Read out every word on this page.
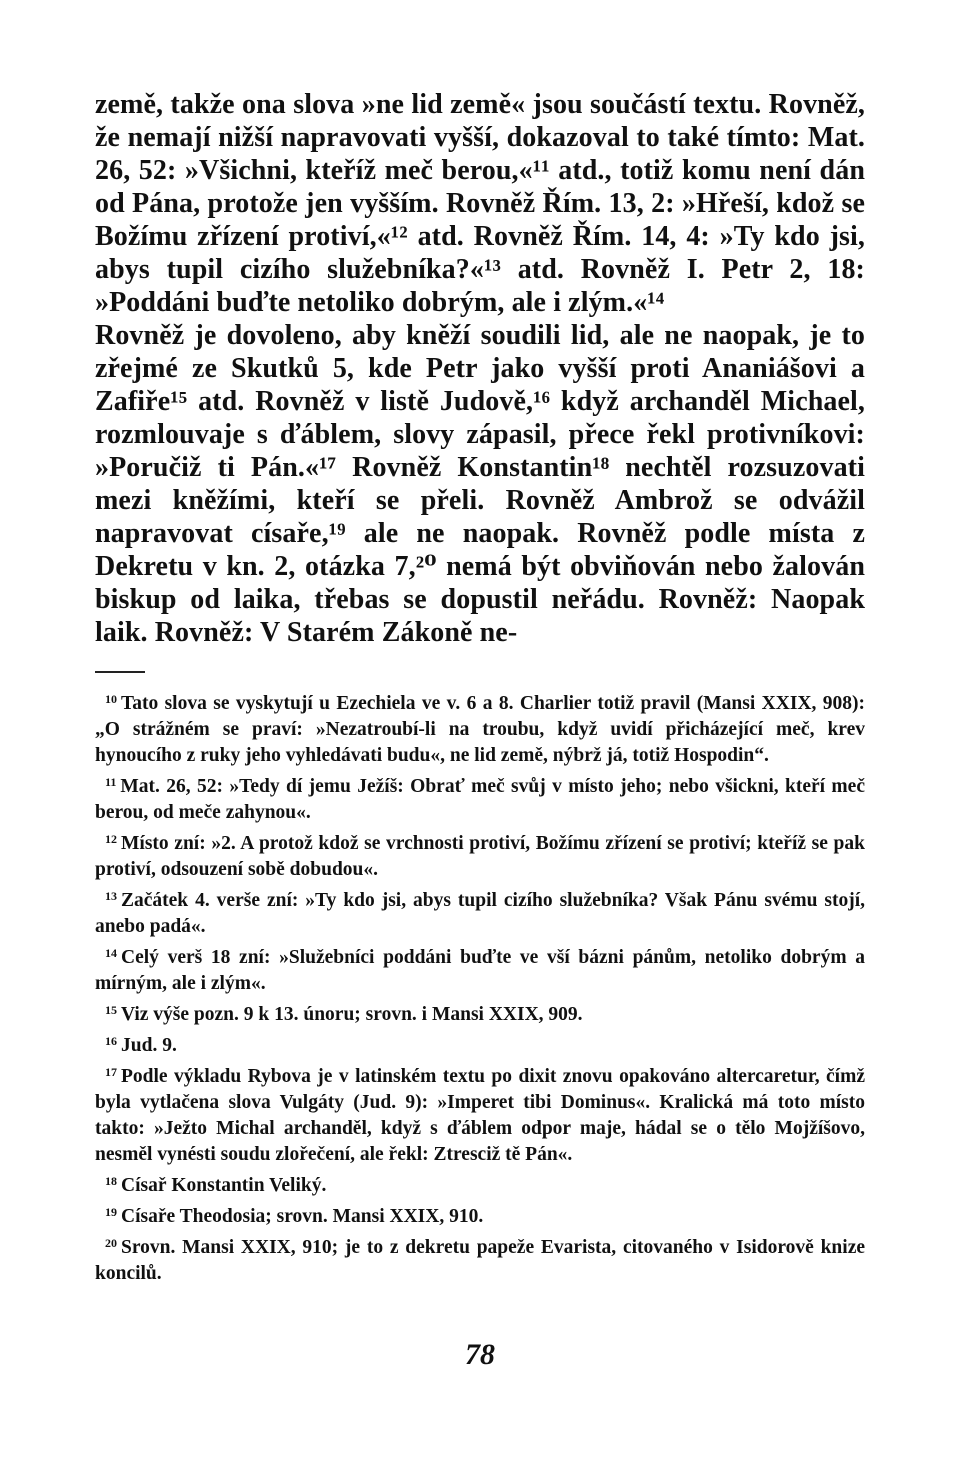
země, takže ona slova »ne lid země« jsou součástí textu. Rovněž, že nemají nižší napravovati vyšší, dokazoval to také tímto: Mat. 26, 52: »Všichni, kteříž meč berou,«¹¹ atd., totiž komu není dán od Pána, protože jen vyšším. Rovněž Řím. 13, 2: »Hřeší, kdož se Božímu zřízení protiví,«¹² atd. Rovněž Řím. 14, 4: »Ty kdo jsi, abys tupil cizího služebníka?«¹³ atd. Rovněž I. Petr 2, 18: »Poddáni buďte netoliko dobrým, ale i zlým.«¹⁴

Rovněž je dovoleno, aby kněží soudili lid, ale ne naopak, je to zřejmé ze Skutků 5, kde Petr jako vyšší proti Ananiášovi a Zafiře¹⁵ atd. Rovněž v listě Judově,¹⁶ když archanděl Michael, rozmlouvaje s ďáblem, slovy zápasil, přece řekl protivníkovi: »Poručiž ti Pán.«¹⁷ Rovněž Konstantin¹⁸ nechtěl rozsuzovati mezi kněžími, kteří se přeli. Rovněž Ambrož se odvážil napravovat císaře,¹⁹ ale ne naopak. Rovněž podle místa z Dekretu v kn. 2, otázka 7,²⁰ nemá být obviňován nebo žalován biskup od laika, třebas se dopustil neřádu. Rovněž: Naopak laik. Rovněž: V Starém Zákoně ne-

$^{10}$ Tato slova se vyskytují u Ezechiela ve v. 6 a 8. Charlier totiž pravil (Mansi XXIX, 908): „O strážném se praví: »Nezatroubí-li na troubu, když uvidí přicházející meč, krev hynoucího z ruky jeho vyhledávati budu«, ne lid země, nýbrž já, totiž Hospodin“.

$^{11}$ Mat. 26, 52: »Tedy dí jemu Ježíš: Obrať meč svůj v místo jeho; nebo všickni, kteří meč berou, od meče zahynou«.

$^{12}$ Místo zní: »2. A protož kdož se vrchnosti protiví, Božímu zřízení se protiví; kteříž se pak protiví, odsouzení sobě dobudou«.

$^{13}$ Začátek 4. verše zní: »Ty kdo jsi, abys tupil cizího služebníka? Však Pánu svému stojí, anebo padá«.

$^{14}$ Celý verš 18 zní: »Služebníci poddáni buďte ve vší bázni pánům, netoliko dobrým a mírným, ale i zlým«.

$^{15}$ Viz výše pozn. 9 k 13. únoru; srovn. i Mansi XXIX, 909.

$^{16}$ Jud. 9.

$^{17}$ Podle výkladu Rybova je v latinském textu po dixit znovu opakováno altercaretur, čímž byla vytlačena slova Vulgáty (Jud. 9): »Imperet tibi Dominus«. Kralická má toto místo takto: »Ježto Michal archanděl, když s ďáblem odpor maje, hádal se o tělo Mojžíšovo, nesměl vynésti soudu zlořečení, ale řekl: Ztresciž tě Pán«.

$^{18}$ Císař Konstantin Veliký.

$^{19}$ Císaře Theodosia; srovn. Mansi XXIX, 910.

$^{20}$ Srovn. Mansi XXIX, 910; je to z dekretu papeže Evarista, citovaného v Isidorově knize koncilů.

78
